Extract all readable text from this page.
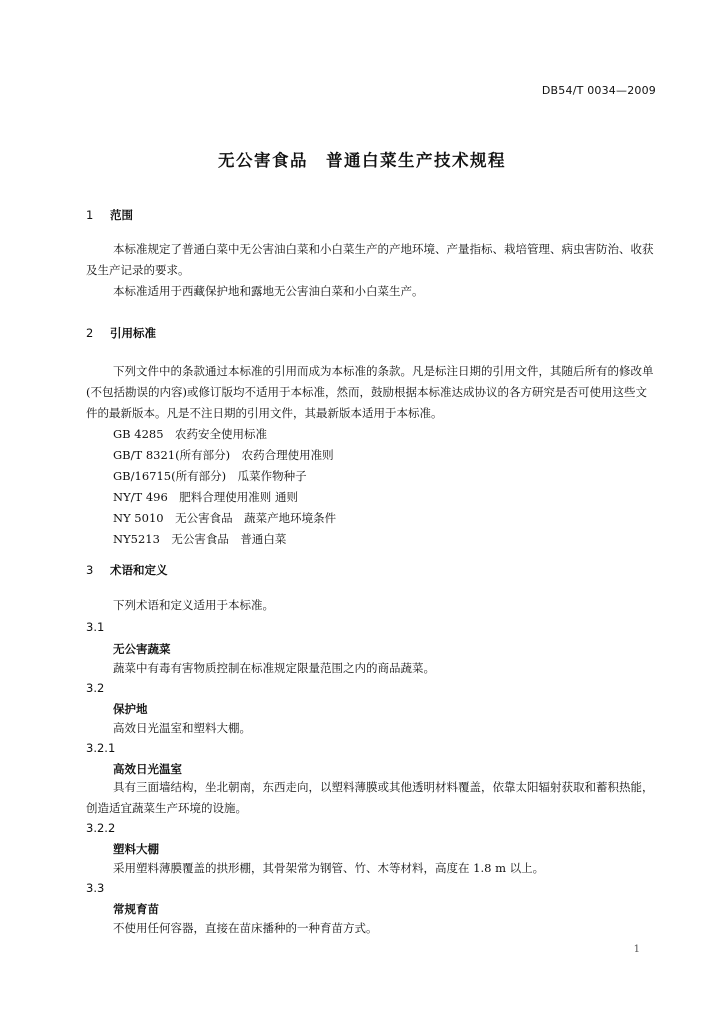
DB54/T 0034—2009
无公害食品　普通白菜生产技术规程
1 范围

本标准规定了普通白菜中无公害油白菜和小白菜生产的产地环境、产量指标、栽培管理、病虫害防治、收获及生产记录的要求。

本标准适用于西藏保护地和露地无公害油白菜和小白菜生产。

2 引用标准

下列文件中的条款通过本标准的引用而成为本标准的条款。凡是标注日期的引用文件，其随后所有的修改单(不包括勘误的内容)或修订版均不适用于本标准，然而，鼓励根据本标准达成协议的各方研究是否可使用这些文件的最新版本。凡是不注日期的引用文件，其最新版本适用于本标准。

GB 4285　农药安全使用标准

GB/T 8321(所有部分)　农药合理使用准则

GB/16715(所有部分)　瓜菜作物种子

NY/T 496　肥料合理使用准则 通则

NY 5010　无公害食品　蔬菜产地环境条件

NY5213　无公害食品　普通白菜

3 术语和定义
下列术语和定义适用于本标准。
3.1
无公害蔬菜
蔬菜中有毒有害物质控制在标准规定限量范围之内的商品蔬菜。
3.2
保护地
高效日光温室和塑料大棚。
3.2.1
高效日光温室

具有三面墙结构，坐北朝南，东西走向，以塑料薄膜或其他透明材料覆盖，依靠太阳辐射获取和蓄积热能，创造适宜蔬菜生产环境的设施。

3.2.2
塑料大棚
采用塑料薄膜覆盖的拱形棚，其骨架常为钢管、竹、木等材料，高度在 1.8 m 以上。
3.3
常规育苗
不使用任何容器，直接在苗床播种的一种育苗方式。
1
